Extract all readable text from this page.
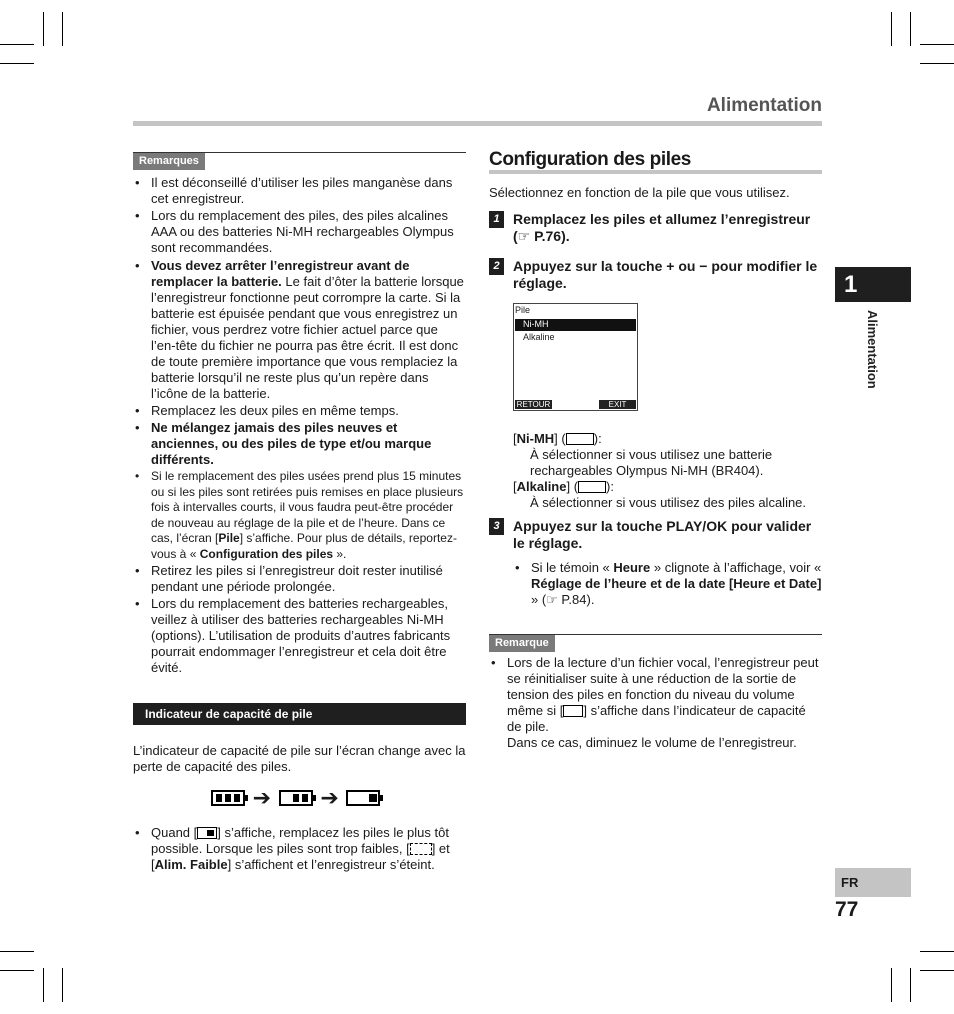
Alimentation
Remarques
• Il est déconseillé d’utiliser les piles manganèse dans cet enregistreur.
• Lors du remplacement des piles, des piles alcalines AAA ou des batteries Ni-MH rechargeables Olympus sont recommandées.
• Vous devez arrêter l’enregistreur avant de remplacer la batterie. Le fait d’ôter la batterie lorsque l’enregistreur fonctionne peut corrompre la carte. Si la batterie est épuisée pendant que vous enregistrez un fichier, vous perdrez votre fichier actuel parce que l’en-tête du fichier ne pourra pas être écrit. Il est donc de toute première importance que vous remplaciez la batterie lorsqu’il ne reste plus qu’un repère dans l’icône de la batterie.
• Remplacez les deux piles en même temps.
• Ne mélangez jamais des piles neuves et anciennes, ou des piles de type et/ou marque différents.
• Si le remplacement des piles usées prend plus 15 minutes ou si les piles sont retirées puis remises en place plusieurs fois à intervalles courts, il vous faudra peut-être procéder de nouveau au réglage de la pile et de l’heure. Dans ce cas, l’écran [Pile] s’affiche. Pour plus de détails, reportez-vous à « Configuration des piles ».
• Retirez les piles si l’enregistreur doit rester inutilisé pendant une période prolongée.
• Lors du remplacement des batteries rechargeables, veillez à utiliser des batteries rechargeables Ni-MH (options). L’utilisation de produits d’autres fabricants pourrait endommager l’enregistreur et cela doit être évité.
Indicateur de capacité de pile

L’indicateur de capacité de pile sur l’écran change avec la perte de capacité des piles.

➔ ➔
• Quand [ ] s’affiche, remplacez les piles le plus tôt possible. Lorsque les piles sont trop faibles, [ ] et [Alim. Faible] s’affichent et l’enregistreur s’éteint.
Configuration des piles

Sélectionnez en fonction de la pile que vous utilisez.

1 Remplacez les piles et allumez l’enregistreur (☞ P.76).
2 Appuyez sur la touche + ou − pour modifier le réglage.
Pile
Ni-MH
Alkaline
RETOUR	EXIT
[Ni-MH] ( ):
À sélectionner si vous utilisez une batterie rechargeables Olympus Ni-MH (BR404).
[Alkaline] ( ):
À sélectionner si vous utilisez des piles alcaline.
3 Appuyez sur la touche PLAY/OK pour valider le réglage.
• Si le témoin « Heure » clignote à l’affichage, voir « Réglage de l’heure et de la date [Heure et Date] » (☞ P.84).
Remarque
• Lors de la lecture d’un fichier vocal, l’enregistreur peut se réinitialiser suite à une réduction de la sortie de tension des piles en fonction du niveau du volume même si [ ] s’affiche dans l’indicateur de capacité de pile.
Dans ce cas, diminuez le volume de l’enregistreur.
1
Alimentation
FR
77
